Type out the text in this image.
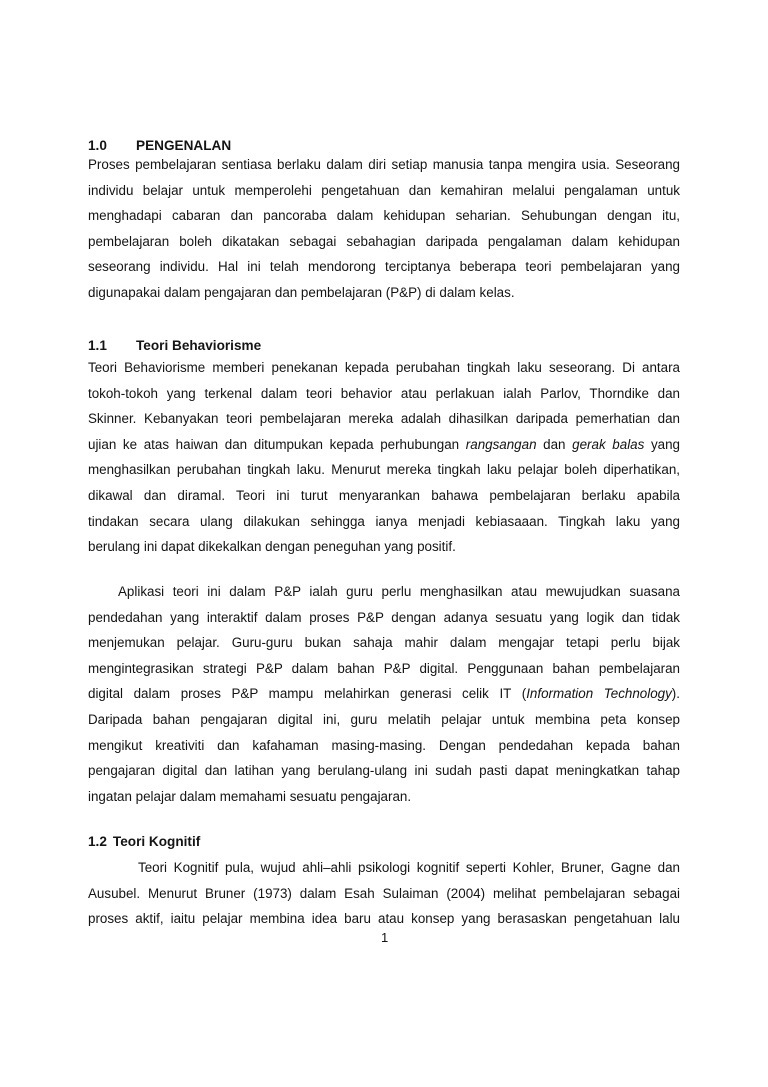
1.0 PENGENALAN
Proses pembelajaran sentiasa berlaku dalam diri setiap manusia tanpa mengira usia. Seseorang
individu belajar untuk memperolehi pengetahuan dan kemahiran melalui pengalaman untuk
menghadapi cabaran dan pancoraba dalam kehidupan seharian. Sehubungan dengan itu,
pembelajaran boleh dikatakan sebagai sebahagian daripada pengalaman dalam kehidupan
seseorang individu. Hal ini telah mendorong terciptanya beberapa teori pembelajaran yang
digunapakai dalam pengajaran dan pembelajaran (P&P) di dalam kelas.
1.1 Teori Behaviorisme
Teori Behaviorisme memberi penekanan kepada perubahan tingkah laku seseorang. Di antara
tokoh-tokoh yang terkenal dalam teori behavior atau perlakuan ialah Parlov, Thorndike dan
Skinner. Kebanyakan teori pembelajaran mereka adalah dihasilkan daripada pemerhatian dan
ujian ke atas haiwan dan ditumpukan kepada perhubungan rangsangan dan gerak balas yang
menghasilkan perubahan tingkah laku. Menurut mereka tingkah laku pelajar boleh diperhatikan,
dikawal dan diramal. Teori ini turut menyarankan bahawa pembelajaran berlaku apabila
tindakan secara ulang dilakukan sehingga ianya menjadi kebiasaaan. Tingkah laku yang
berulang ini dapat dikekalkan dengan peneguhan yang positif.
Aplikasi teori ini dalam P&P ialah guru perlu menghasilkan atau mewujudkan suasana
pendedahan yang interaktif dalam proses P&P dengan adanya sesuatu yang logik dan tidak
menjemukan pelajar. Guru-guru bukan sahaja mahir dalam mengajar tetapi perlu bijak
mengintegrasikan strategi P&P dalam bahan P&P digital. Penggunaan bahan pembelajaran
digital dalam proses P&P mampu melahirkan generasi celik IT (Information Technology).
Daripada bahan pengajaran digital ini, guru melatih pelajar untuk membina peta konsep
mengikut kreativiti dan kafahaman masing-masing. Dengan pendedahan kepada bahan
pengajaran digital dan latihan yang berulang-ulang ini sudah pasti dapat meningkatkan tahap
ingatan pelajar dalam memahami sesuatu pengajaran.
1.2 Teori Kognitif
Teori Kognitif pula, wujud ahli–ahli psikologi kognitif seperti Kohler, Bruner, Gagne dan
Ausubel. Menurut Bruner (1973) dalam Esah Sulaiman (2004) melihat pembelajaran sebagai
proses aktif, iaitu pelajar membina idea baru atau konsep yang berasaskan pengetahuan lalu
1
